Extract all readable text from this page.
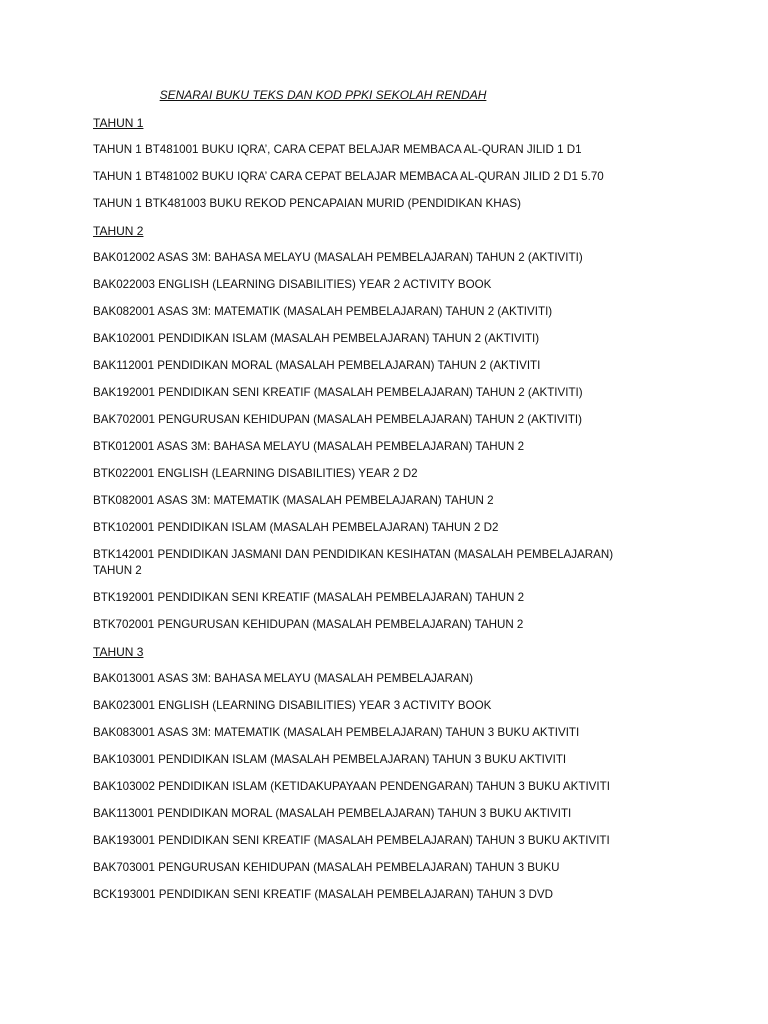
SENARAI BUKU TEKS DAN KOD PPKI SEKOLAH RENDAH
TAHUN 1
TAHUN 1 BT481001 BUKU IQRA’, CARA CEPAT BELAJAR MEMBACA AL-QURAN JILID 1 D1
TAHUN 1 BT481002 BUKU IQRA’ CARA CEPAT BELAJAR MEMBACA AL-QURAN JILID 2 D1 5.70
TAHUN 1 BTK481003 BUKU REKOD PENCAPAIAN MURID (PENDIDIKAN KHAS)
TAHUN 2
BAK012002 ASAS 3M: BAHASA MELAYU (MASALAH PEMBELAJARAN) TAHUN 2 (AKTIVITI)
BAK022003 ENGLISH (LEARNING DISABILITIES) YEAR 2 ACTIVITY BOOK
BAK082001 ASAS 3M: MATEMATIK (MASALAH PEMBELAJARAN) TAHUN 2 (AKTIVITI)
BAK102001 PENDIDIKAN ISLAM (MASALAH PEMBELAJARAN) TAHUN 2 (AKTIVITI)
BAK112001 PENDIDIKAN MORAL (MASALAH PEMBELAJARAN) TAHUN 2 (AKTIVITI
BAK192001 PENDIDIKAN SENI KREATIF (MASALAH PEMBELAJARAN) TAHUN 2 (AKTIVITI)
BAK702001 PENGURUSAN KEHIDUPAN (MASALAH PEMBELAJARAN) TAHUN 2 (AKTIVITI)
BTK012001 ASAS 3M: BAHASA MELAYU (MASALAH PEMBELAJARAN) TAHUN 2
BTK022001 ENGLISH (LEARNING DISABILITIES) YEAR 2 D2
BTK082001 ASAS 3M: MATEMATIK (MASALAH PEMBELAJARAN) TAHUN 2
BTK102001 PENDIDIKAN ISLAM (MASALAH PEMBELAJARAN) TAHUN 2 D2
BTK142001 PENDIDIKAN JASMANI DAN PENDIDIKAN KESIHATAN (MASALAH PEMBELAJARAN) TAHUN 2
BTK192001 PENDIDIKAN SENI KREATIF (MASALAH PEMBELAJARAN) TAHUN 2
BTK702001 PENGURUSAN KEHIDUPAN (MASALAH PEMBELAJARAN) TAHUN 2
TAHUN 3
BAK013001 ASAS 3M: BAHASA MELAYU (MASALAH PEMBELAJARAN)
BAK023001 ENGLISH (LEARNING DISABILITIES) YEAR 3 ACTIVITY BOOK
BAK083001 ASAS 3M: MATEMATIK (MASALAH PEMBELAJARAN) TAHUN 3 BUKU AKTIVITI
BAK103001 PENDIDIKAN ISLAM (MASALAH PEMBELAJARAN) TAHUN 3 BUKU AKTIVITI
BAK103002 PENDIDIKAN ISLAM (KETIDAKUPAYAAN PENDENGARAN) TAHUN 3 BUKU AKTIVITI
BAK113001 PENDIDIKAN MORAL (MASALAH PEMBELAJARAN) TAHUN 3 BUKU AKTIVITI
BAK193001 PENDIDIKAN SENI KREATIF (MASALAH PEMBELAJARAN) TAHUN 3 BUKU AKTIVITI
BAK703001 PENGURUSAN KEHIDUPAN (MASALAH PEMBELAJARAN) TAHUN 3 BUKU
BCK193001 PENDIDIKAN SENI KREATIF (MASALAH PEMBELAJARAN) TAHUN 3 DVD
